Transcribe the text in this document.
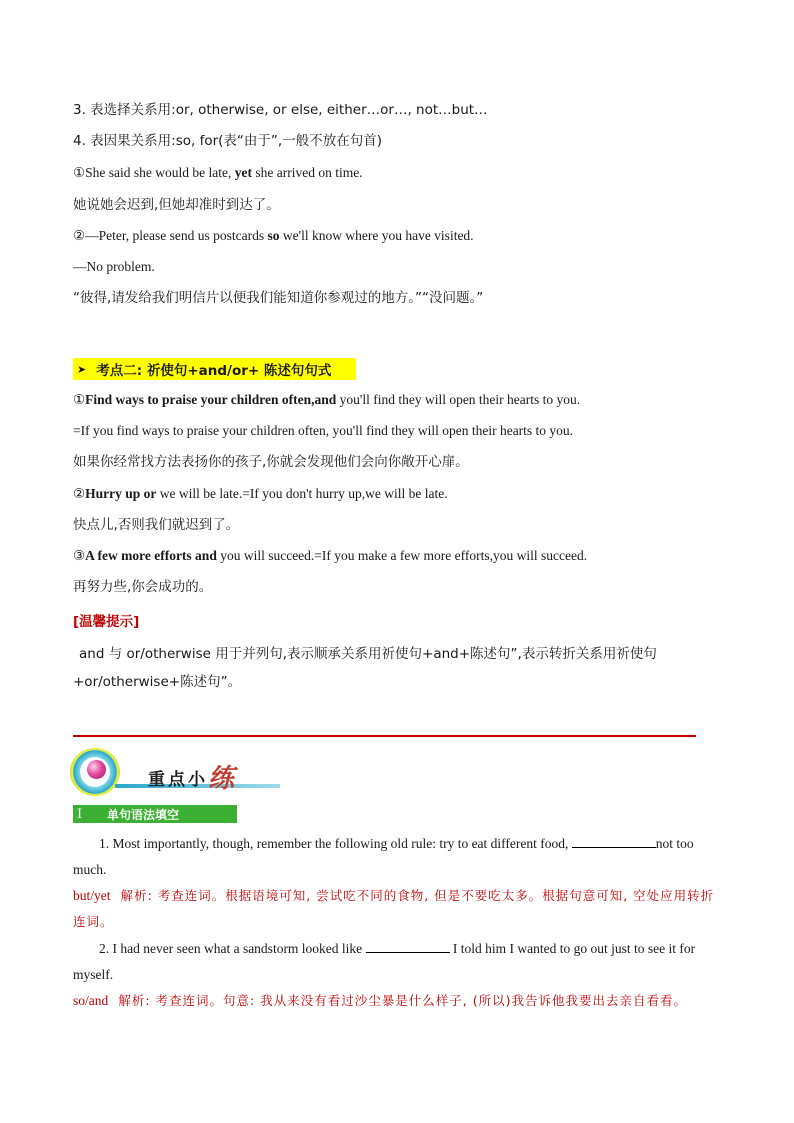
3. 表选择关系用:or, otherwise, or else, either…or…, not…but…
4. 表因果关系用:so, for(表“由于”,一般不放在句首)
①She said she would be late, yet she arrived on time.
她说她会迟到,但她却准时到达了。
②—Peter, please send us postcards so we'll know where you have visited.
—No problem.
“彼得,请发给我们明信片以便我们能知道你参观过的地方。”“没问题。”
➤ 考点二: 祈使句+and/or+ 陈述句句式
①Find ways to praise your children often,and you'll find they will open their hearts to you.
=If you find ways to praise your children often, you'll find they will open their hearts to you.
如果你经常找方法表扬你的孩子,你就会发现他们会向你敞开心扉。
②Hurry up or we will be late.=If you don't hurry up,we will be late.
快点儿,否则我们就迟到了。
③A few more efforts and you will succeed.=If you make a few more efforts,you will succeed.
再努力些,你会成功的。
[温馨提示]
and 与 or/otherwise 用于并列句,表示顺承关系用祈使句+and+陈述句”,表示转折关系用祈使句+or/otherwise+陈述句”。
重点小练
Ⅰ	单句语法填空
1. Most importantly, though, remember the following old rule: try to eat different food,	not too much.
but/yet 解析: 考查连词。根据语境可知, 尝试吃不同的食物, 但是不要吃太多。根据句意可知, 空处应用转折连词。
2. I had never seen what a sandstorm looked like	I told him I wanted to go out just to see it for myself.
so/and 解析: 考查连词。句意: 我从来没有看过沙尘暴是什么样子, (所以)我告诉他我要出去亲自看看。
